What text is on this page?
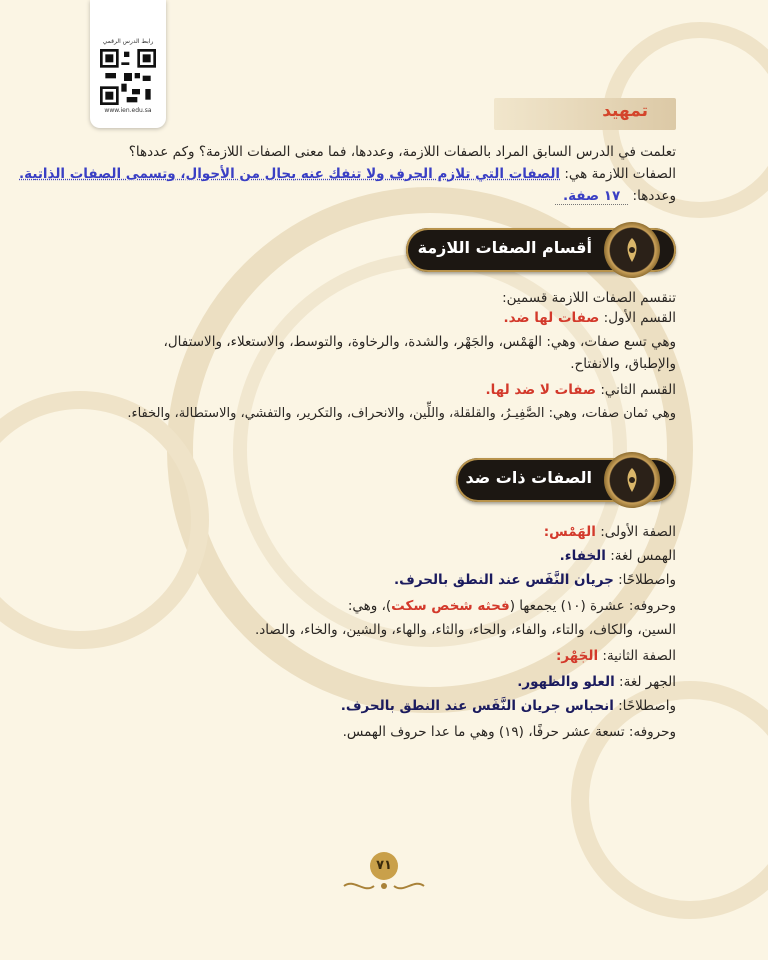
رابط الدرس الرقمي
www.ien.edu.sa	تمهيد

تعلمت في الدرس السابق المراد بالصفات اللازمة، وعددها، فما معنى الصفات اللازمة؟ وكم عددها؟

الصفات اللازمة هي: الصفات التي تلازم الحرف ولا تنفك عنه بحال من الأحوال، وتسمى الصفات الذاتية.

وعددها: ١٧ صفة.

أقسام الصفات اللازمة

تنقسم الصفات اللازمة قسمين:

القسم الأول: صفات لها ضد.

وهي تسع صفات، وهي: الهَمْس، والجَهْر، والشدة، والرخاوة، والتوسط، والاستعلاء، والاستفال،

والإطباق، والانفتاح.

القسم الثاني: صفات لا ضد لها.

وهي ثمان صفات، وهي: الصَّفِيـرُ، والقلقلة، واللِّين، والانحراف، والتكرير، والتفشي، والاستطالة، والخفاء.

الصفات ذات ضد

الصفة الأولى: الهَمْس:

الهمس لغة: الخفاء.

واصطلاحًا: جريان النَّفَس عند النطق بالحرف.

وحروفه: عشرة (١٠) يجمعها (فحثه شخص سكت)، وهي:

السين، والكاف، والتاء، والفاء، والحاء، والثاء، والهاء، والشين، والخاء، والصاد.

الصفة الثانية: الجَهْر:

الجهر لغة: العلو والظهور.

واصطلاحًا: انحباس جريان النَّفَس عند النطق بالحرف.

وحروفه: تسعة عشر حرفًا، (١٩) وهي ما عدا حروف الهمس.

٧١
